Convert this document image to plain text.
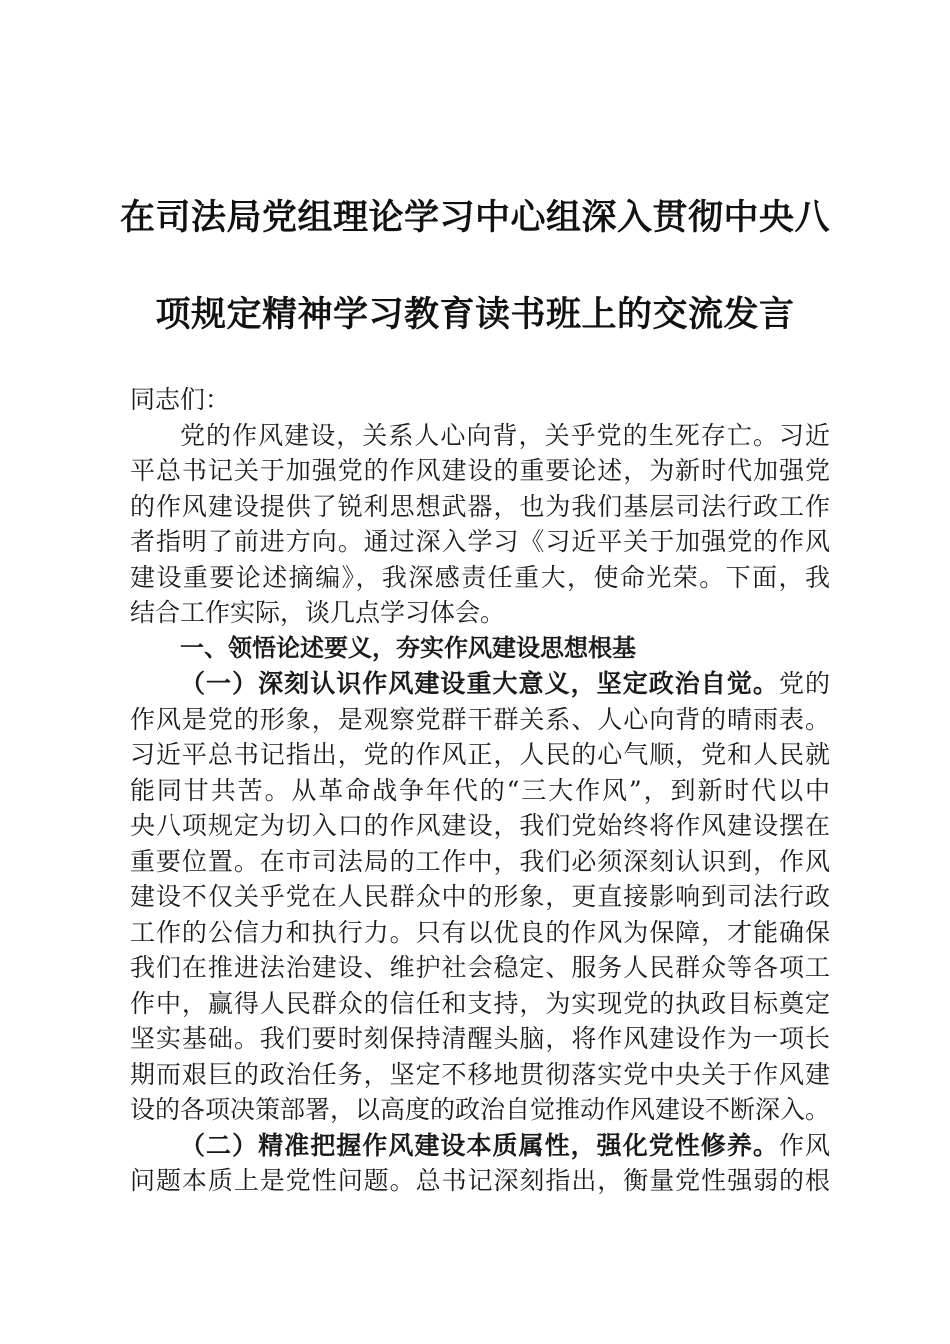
在司法局党组理论学习中心组深入贯彻中央八
项规定精神学习教育读书班上的交流发言
同志们：
党的作风建设，关系人心向背，关乎党的生死存亡。习近
平总书记关于加强党的作风建设的重要论述，为新时代加强党
的作风建设提供了锐利思想武器，也为我们基层司法行政工作
者指明了前进方向。通过深入学习《习近平关于加强党的作风
建设重要论述摘编》，我深感责任重大，使命光荣。下面，我
结合工作实际，谈几点学习体会。
一、领悟论述要义，夯实作风建设思想根基
（一）深刻认识作风建设重大意义，坚定政治自觉。党的
作风是党的形象，是观察党群干群关系、人心向背的晴雨表。
习近平总书记指出，党的作风正，人民的心气顺，党和人民就
能同甘共苦。从革命战争年代的“三大作风”，到新时代以中
央八项规定为切入口的作风建设，我们党始终将作风建设摆在
重要位置。在市司法局的工作中，我们必须深刻认识到，作风
建设不仅关乎党在人民群众中的形象，更直接影响到司法行政
工作的公信力和执行力。只有以优良的作风为保障，才能确保
我们在推进法治建设、维护社会稳定、服务人民群众等各项工
作中，赢得人民群众的信任和支持，为实现党的执政目标奠定
坚实基础。我们要时刻保持清醒头脑，将作风建设作为一项长
期而艰巨的政治任务，坚定不移地贯彻落实党中央关于作风建
设的各项决策部署，以高度的政治自觉推动作风建设不断深入。
（二）精准把握作风建设本质属性，强化党性修养。作风
问题本质上是党性问题。总书记深刻指出，衡量党性强弱的根
